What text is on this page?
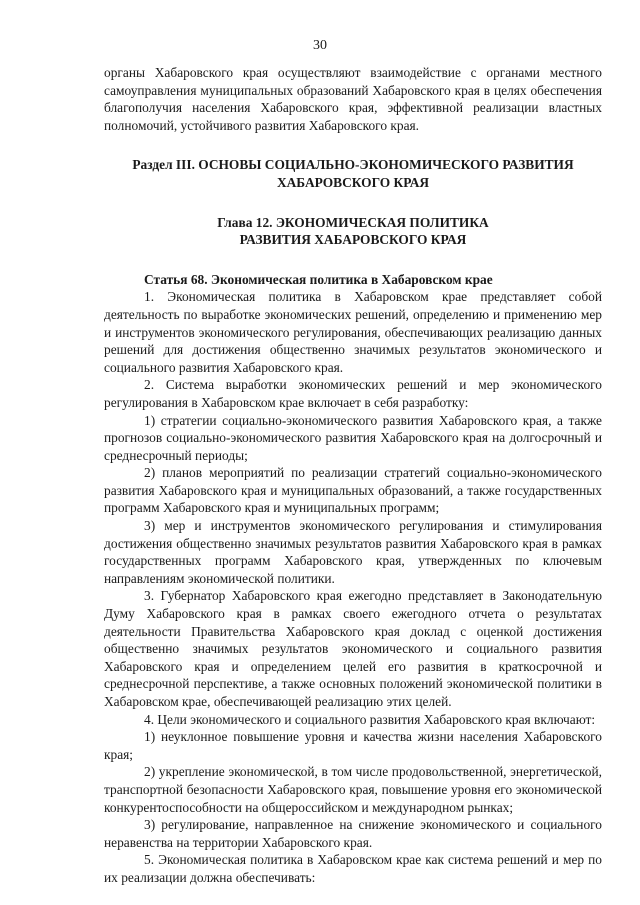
30

органы Хабаровского края осуществляют взаимодействие с органами местного самоуправления муниципальных образований Хабаровского края в целях обеспечения благополучия населения Хабаровского края, эффективной реализации властных полномочий, устойчивого развития Хабаровского края.

Раздел III. ОСНОВЫ СОЦИАЛЬНО-ЭКОНОМИЧЕСКОГО РАЗВИТИЯ
ХАБАРОВСКОГО КРАЯ

Глава 12. ЭКОНОМИЧЕСКАЯ ПОЛИТИКА
РАЗВИТИЯ ХАБАРОВСКОГО КРАЯ

Статья 68. Экономическая политика в Хабаровском крае

1. Экономическая политика в Хабаровском крае представляет собой деятельность по выработке экономических решений, определению и применению мер и инструментов экономического регулирования, обеспечивающих реализацию данных решений для достижения общественно значимых результатов экономического и социального развития Хабаровского края.

2. Система выработки экономических решений и мер экономического регулирования в Хабаровском крае включает в себя разработку:

1) стратегии социально-экономического развития Хабаровского края, а также прогнозов социально-экономического развития Хабаровского края на долгосрочный и среднесрочный периоды;

2) планов мероприятий по реализации стратегий социально-экономического развития Хабаровского края и муниципальных образований, а также государственных программ Хабаровского края и муниципальных программ;

3) мер и инструментов экономического регулирования и стимулирования достижения общественно значимых результатов развития Хабаровского края в рамках государственных программ Хабаровского края, утвержденных по ключевым направлениям экономической политики.

3. Губернатор Хабаровского края ежегодно представляет в Законодательную Думу Хабаровского края в рамках своего ежегодного отчета о результатах деятельности Правительства Хабаровского края доклад с оценкой достижения общественно значимых результатов экономического и социального развития Хабаровского края и определением целей его развития в краткосрочной и среднесрочной перспективе, а также основных положений экономической политики в Хабаровском крае, обеспечивающей реализацию этих целей.

4. Цели экономического и социального развития Хабаровского края включают:

1) неуклонное повышение уровня и качества жизни населения Хабаровского края;

2) укрепление экономической, в том числе продовольственной, энергетической, транспортной безопасности Хабаровского края, повышение уровня его экономической конкурентоспособности на общероссийском и международном рынках;

3) регулирование, направленное на снижение экономического и социального неравенства на территории Хабаровского края.

5. Экономическая политика в Хабаровском крае как система решений и мер по их реализации должна обеспечивать:
